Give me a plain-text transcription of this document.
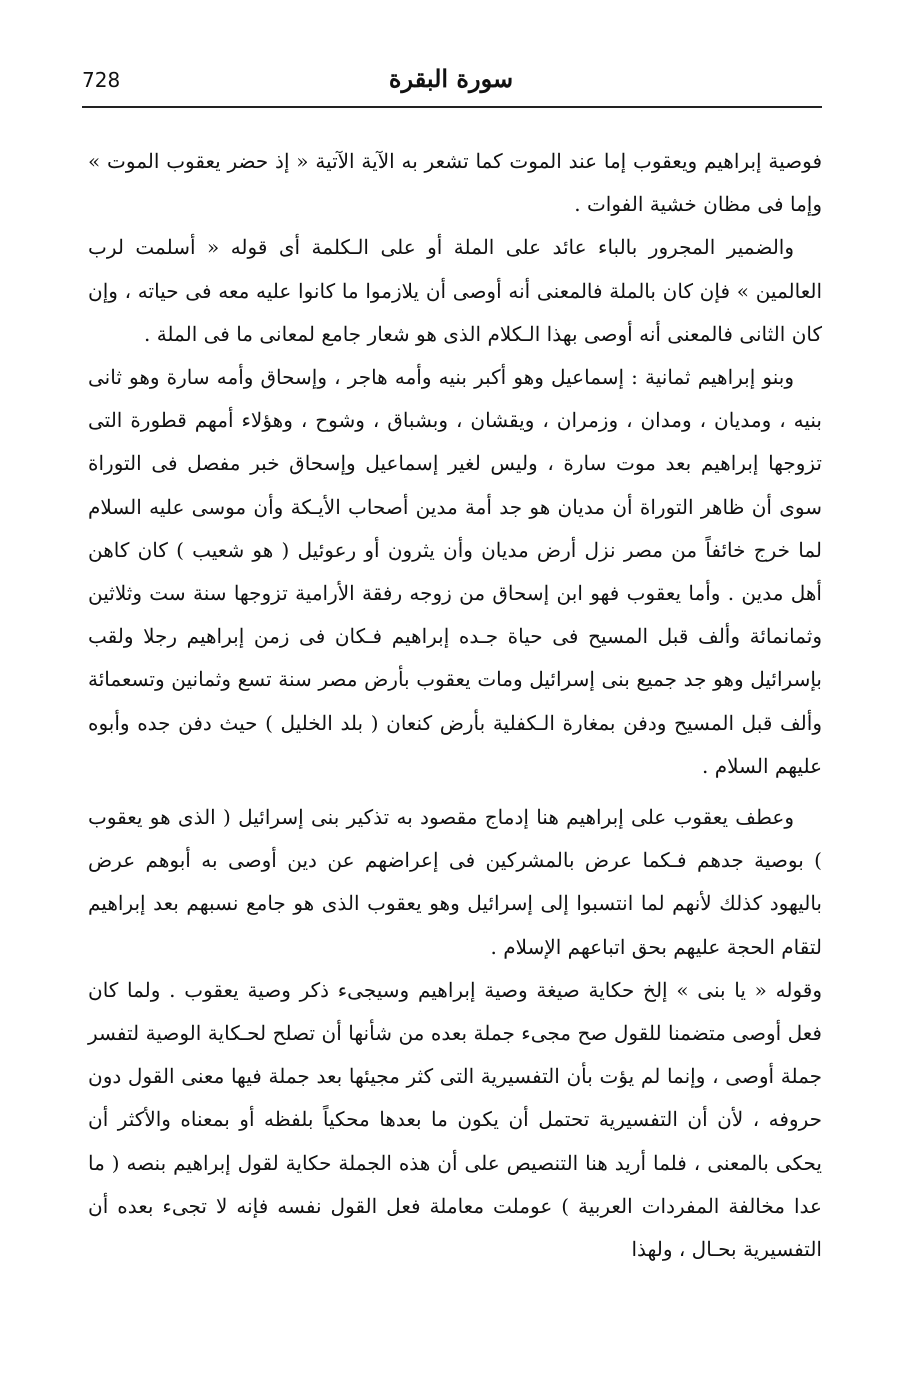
728	سورة البقرة

فوصية إبراهيم ويعقوب إما عند الموت كما تشعر به الآية الآتية « إذ حضر يعقوب الموت » وإما فى مظان خشية الفوات .

والضمير المجرور بالباء عائد على الملة أو على الـكلمة أى قوله « أسلمت لرب العالمين » فإن كان بالملة فالمعنى أنه أوصى أن يلازموا ما كانوا عليه معه فى حياته ، وإن كان الثانى فالمعنى أنه أوصى بهذا الـكلام الذى هو شعار جامع لمعانى ما فى الملة .

وبنو إبراهيم ثمانية : إسماعيل وهو أكبر بنيه وأمه هاجر ، وإسحاق وأمه سارة وهو ثانى بنيه ، ومديان ، ومدان ، وزمران ، ويقشان ، وبشباق ، وشوح ، وهؤلاء أمهم قطورة التى تزوجها إبراهيم بعد موت سارة ، وليس لغير إسماعيل وإسحاق خبر مفصل فى التوراة سوى أن ظاهر التوراة أن مديان هو جد أمة مدين أصحاب الأيـكة وأن موسى عليه السلام لما خرج خائفاً من مصر نزل أرض مديان وأن يثرون أو رعوئيل ( هو شعيب ) كان كاهن أهل مدين . وأما يعقوب فهو ابن إسحاق من زوجه رفقة الأرامية تزوجها سنة ست وثلاثين وثمانمائة وألف قبل المسيح فى حياة جـده إبراهيم فـكان فى زمن إبراهيم رجلا ولقب بإسرائيل وهو جد جميع بنى إسرائيل ومات يعقوب بأرض مصر سنة تسع وثمانين وتسعمائة وألف قبل المسيح ودفن بمغارة الـكفلية بأرض كنعان ( بلد الخليل ) حيث دفن جده وأبوه عليهم السلام .

وعطف يعقوب على إبراهيم هنا إدماج مقصود به تذكير بنى إسرائيل ( الذى هو يعقوب ) بوصية جدهم فـكما عرض بالمشركين فى إعراضهم عن دين أوصى به أبوهم عرض باليهود كذلك لأنهم لما انتسبوا إلى إسرائيل وهو يعقوب الذى هو جامع نسبهم بعد إبراهيم لتقام الحجة عليهم بحق اتباعهم الإسلام .

وقوله « يا بنى » إلخ حكاية صيغة وصية إبراهيم وسيجىء ذكر وصية يعقوب . ولما كان فعل أوصى متضمنا للقول صح مجىء جملة بعده من شأنها أن تصلح لحـكاية الوصية لتفسر جملة أوصى ، وإنما لم يؤت بأن التفسيرية التى كثر مجيئها بعد جملة فيها معنى القول دون حروفه ، لأن أن التفسيرية تحتمل أن يكون ما بعدها محكياً بلفظه أو بمعناه والأكثر أن يحكى بالمعنى ، فلما أريد هنا التنصيص على أن هذه الجملة حكاية لقول إبراهيم بنصه ( ما عدا مخالفة المفردات العربية ) عوملت معاملة فعل القول نفسه فإنه لا تجىء بعده أن التفسيرية بحـال ، ولهذا
